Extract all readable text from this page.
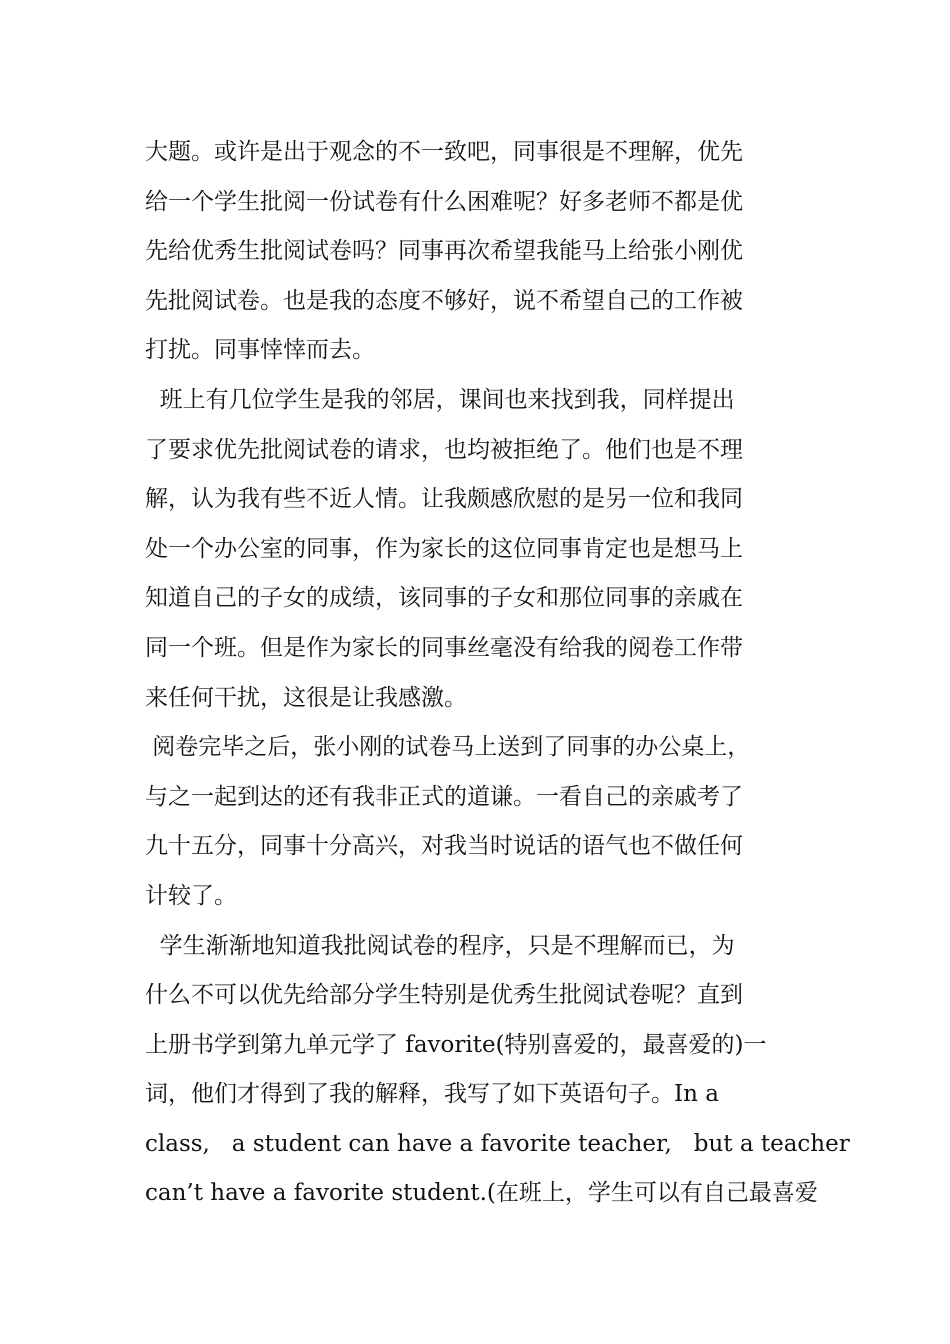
大题。或许是出于观念的不一致吧，同事很是不理解，优先
给一个学生批阅一份试卷有什么困难呢？好多老师不都是优
先给优秀生批阅试卷吗？同事再次希望我能马上给张小刚优
先批阅试卷。也是我的态度不够好，说不希望自己的工作被
打扰。同事悻悻而去。
班上有几位学生是我的邻居，课间也来找到我，同样提出
了要求优先批阅试卷的请求，也均被拒绝了。他们也是不理
解，认为我有些不近人情。让我颇感欣慰的是另一位和我同
处一个办公室的同事，作为家长的这位同事肯定也是想马上
知道自己的子女的成绩，该同事的子女和那位同事的亲戚在
同一个班。但是作为家长的同事丝毫没有给我的阅卷工作带
来任何干扰，这很是让我感激。
阅卷完毕之后，张小刚的试卷马上送到了同事的办公桌上，
与之一起到达的还有我非正式的道谦。一看自己的亲戚考了
九十五分，同事十分高兴，对我当时说话的语气也不做任何
计较了。
学生渐渐地知道我批阅试卷的程序，只是不理解而已，为
什么不可以优先给部分学生特别是优秀生批阅试卷呢？直到
上册书学到第九单元学了 favorite(特别喜爱的，最喜爱的)一
词，他们才得到了我的解释，我写了如下英语句子。In a
class,   a student can have a favorite teacher,   but a teacher
can’t have a favorite student.(在班上，学生可以有自己最喜爱
